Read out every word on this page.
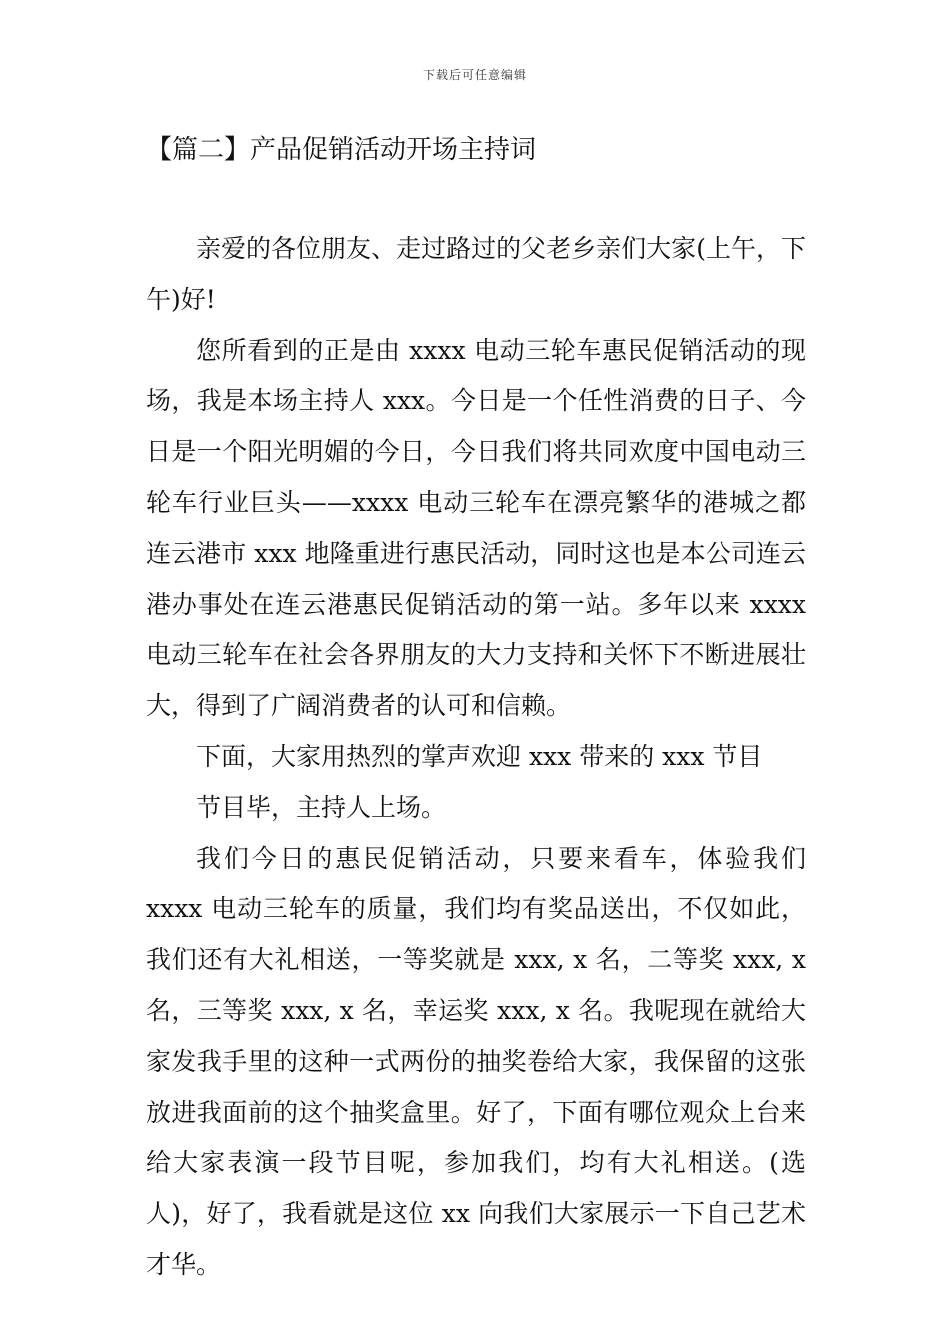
下载后可任意编辑
【篇二】产品促销活动开场主持词

亲爱的各位朋友、走过路过的父老乡亲们大家(上午，下午)好!

您所看到的正是由 xxxx 电动三轮车惠民促销活动的现场，我是本场主持人 xxx。今日是一个任性消费的日子、今日是一个阳光明媚的今日，今日我们将共同欢度中国电动三轮车行业巨头——xxxx 电动三轮车在漂亮繁华的港城之都连云港市 xxx 地隆重进行惠民活动，同时这也是本公司连云港办事处在连云港惠民促销活动的第一站。多年以来 xxxx 电动三轮车在社会各界朋友的大力支持和关怀下不断进展壮大，得到了广阔消费者的认可和信赖。

下面，大家用热烈的掌声欢迎 xxx 带来的 xxx 节目

节目毕，主持人上场。

我们今日的惠民促销活动，只要来看车，体验我们 xxxx 电动三轮车的质量，我们均有奖品送出，不仅如此，我们还有大礼相送，一等奖就是 xxx, x 名，二等奖 xxx, x 名，三等奖 xxx, x 名，幸运奖 xxx, x 名。我呢现在就给大家发我手里的这种一式两份的抽奖卷给大家，我保留的这张放进我面前的这个抽奖盒里。好了，下面有哪位观众上台来给大家表演一段节目呢，参加我们，均有大礼相送。(选人)，好了，我看就是这位 xx 向我们大家展示一下自己艺术才华。
